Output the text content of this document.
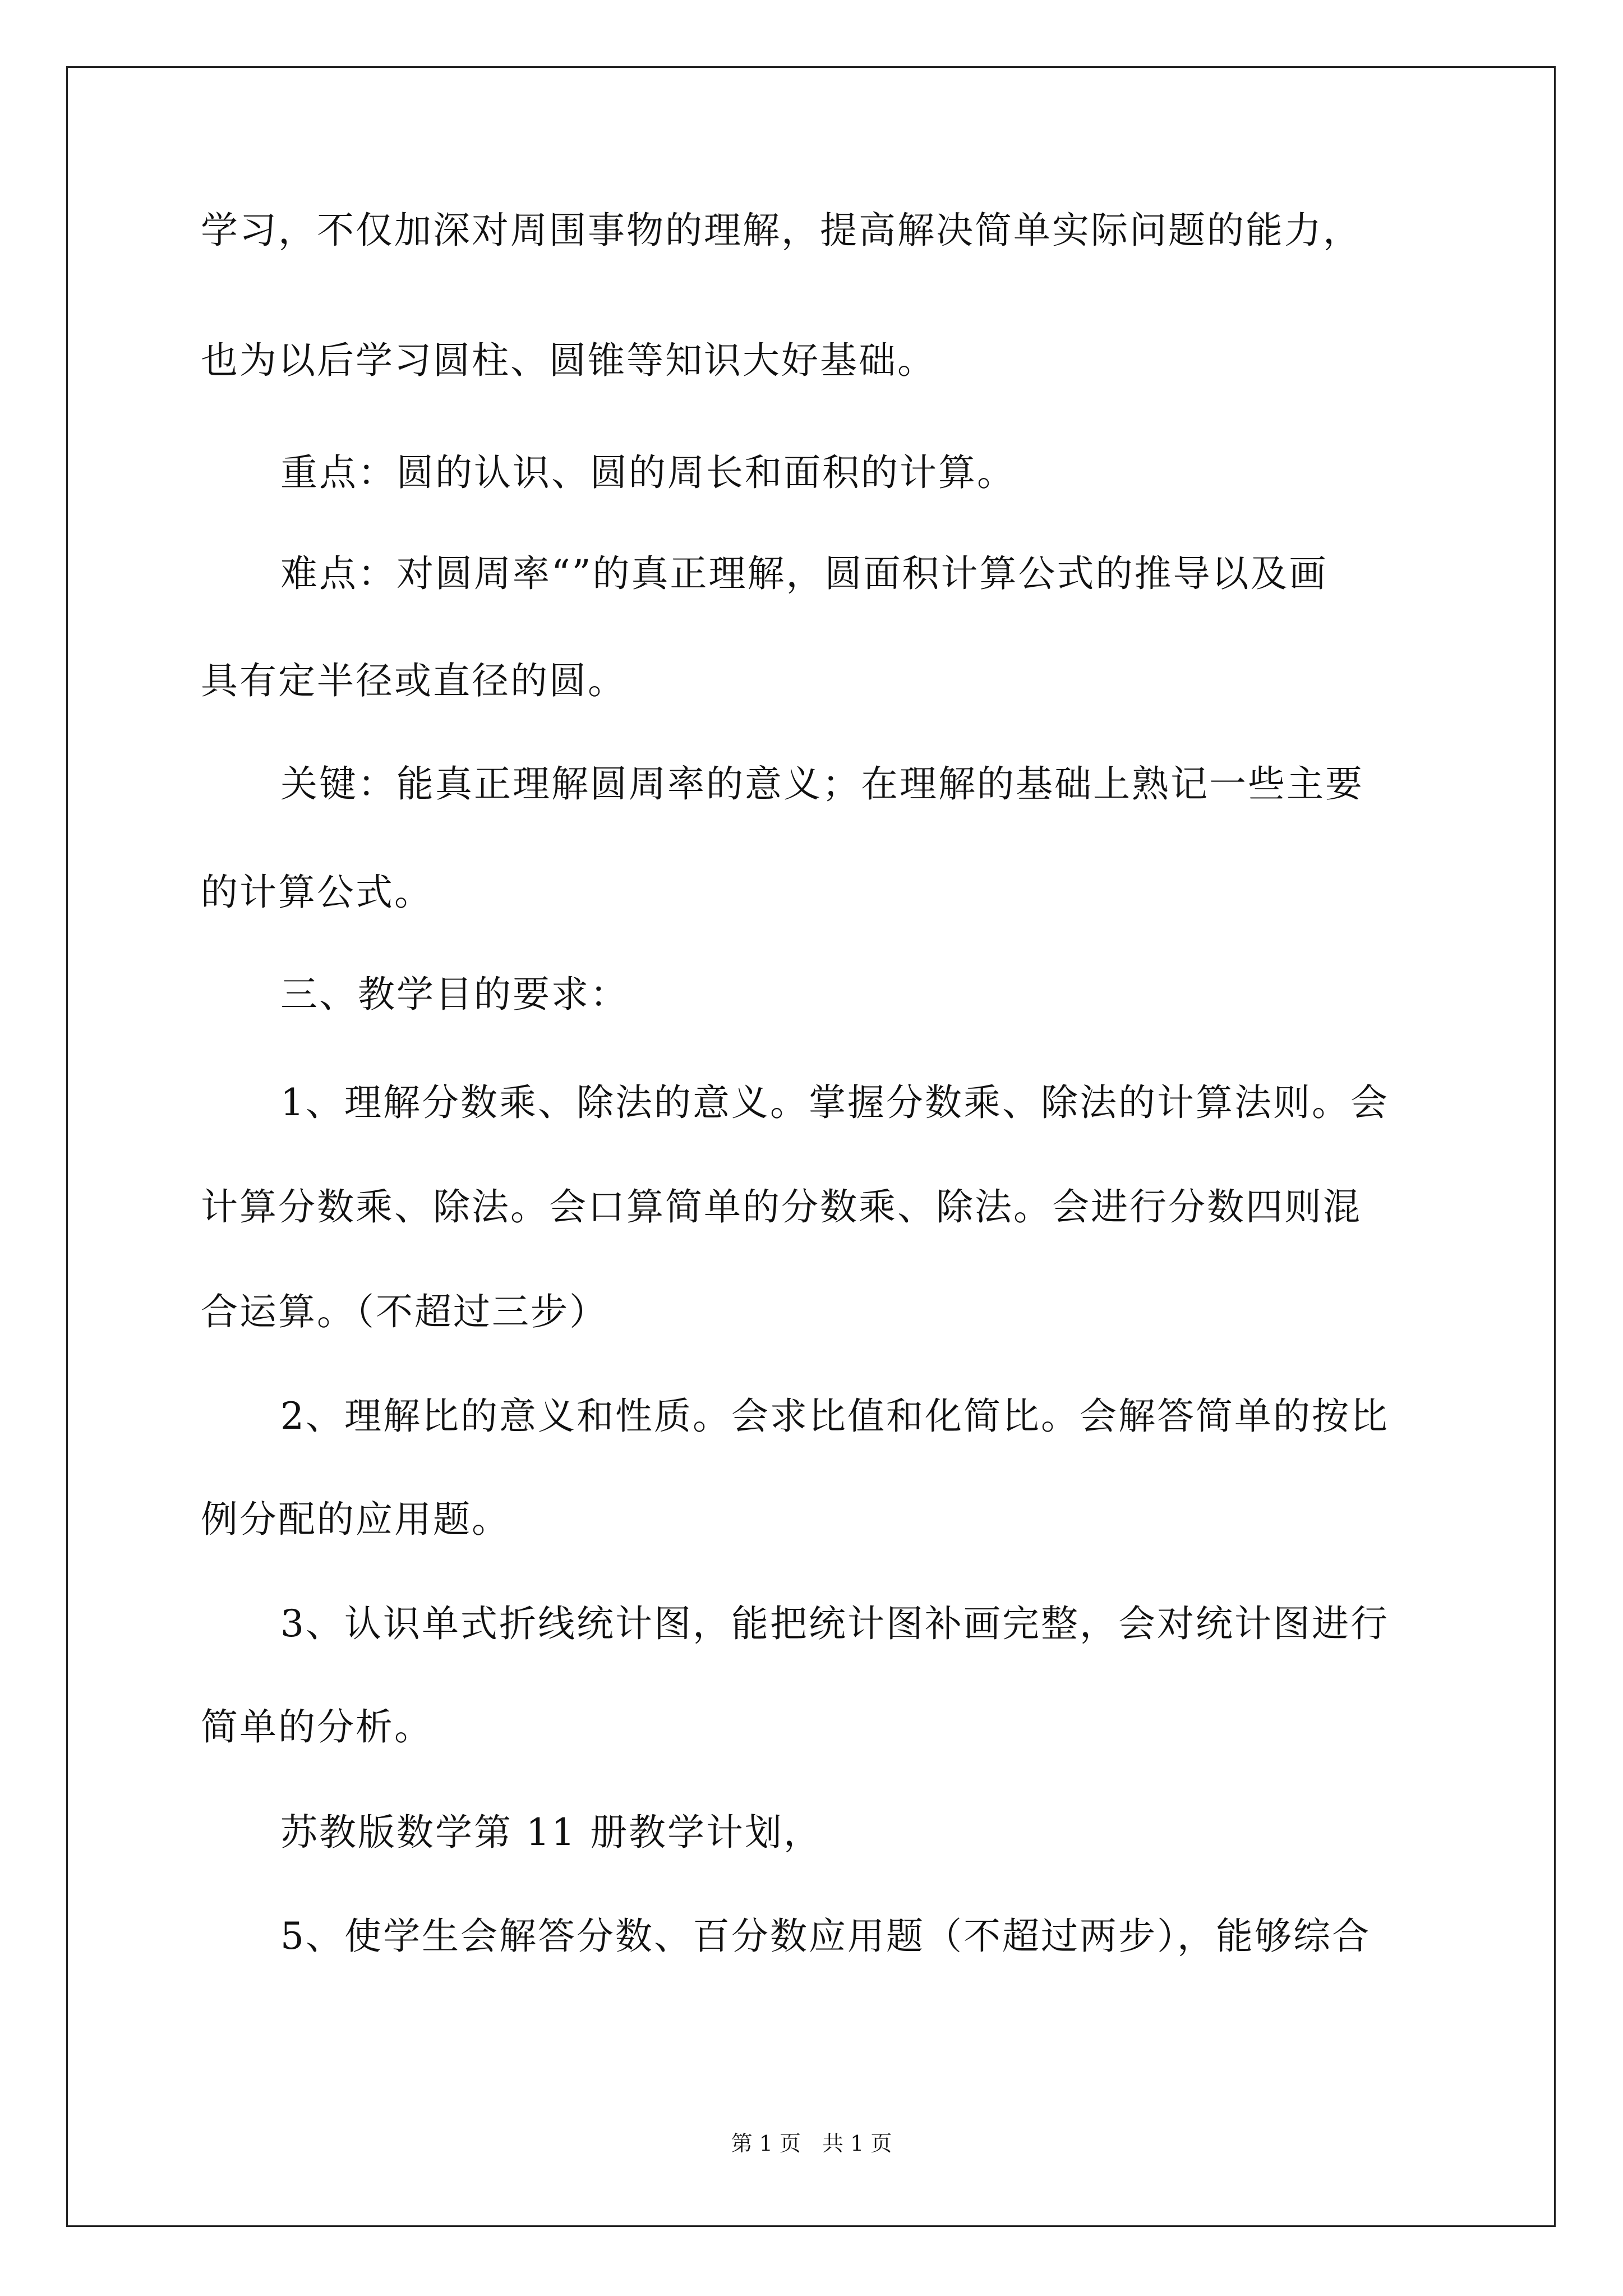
学习，不仅加深对周围事物的理解，提高解决简单实际问题的能力，
也为以后学习圆柱、圆锥等知识大好基础。
重点：圆的认识、圆的周长和面积的计算。
难点：对圆周率“”的真正理解，圆面积计算公式的推导以及画
具有定半径或直径的圆。
关键：能真正理解圆周率的意义；在理解的基础上熟记一些主要
的计算公式。
三、教学目的要求：
1、理解分数乘、除法的意义。掌握分数乘、除法的计算法则。会
计算分数乘、除法。会口算简单的分数乘、除法。会进行分数四则混
合运算。（不超过三步）
2、理解比的意义和性质。会求比值和化简比。会解答简单的按比
例分配的应用题。
3、认识单式折线统计图，能把统计图补画完整，会对统计图进行
简单的分析。
苏教版数学第 11 册教学计划，
5、使学生会解答分数、百分数应用题（不超过两步），能够综合
第 1 页　共 1 页
